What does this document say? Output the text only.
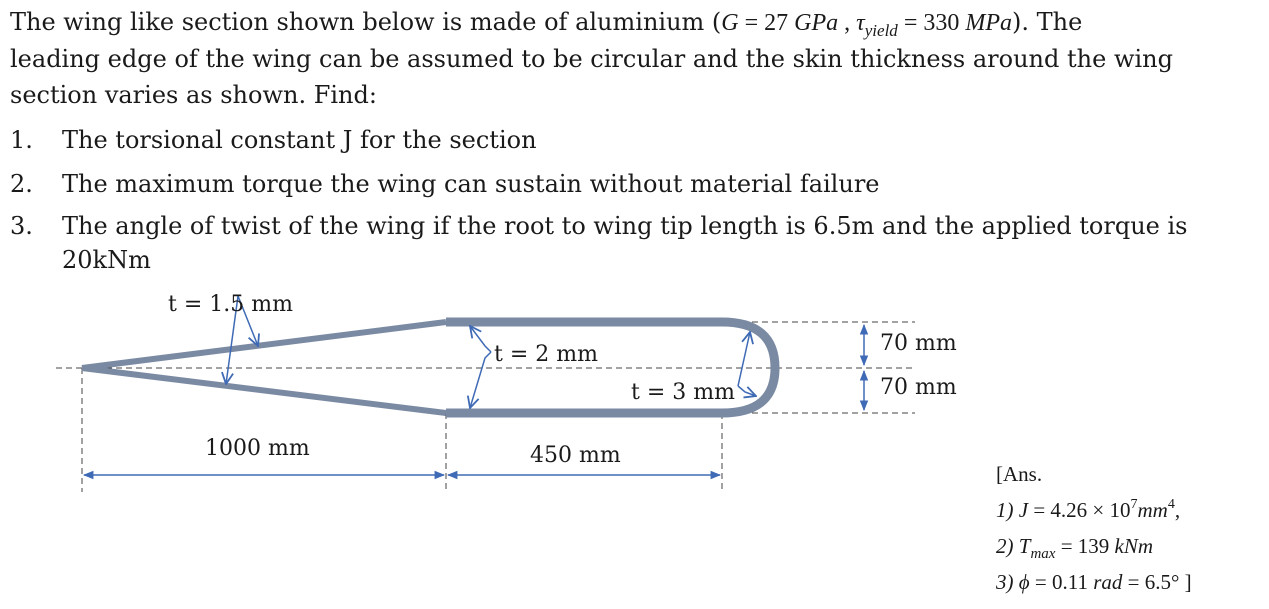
The wing like section shown below is made of aluminium (G = 27 GPa , $\tau_{yield} = 330$ MPa). The
leading edge of the wing can be assumed to be circular and the skin thickness around the wing
section varies as shown. Find:
1.	The torsional constant J for the section
2.	The maximum torque the wing can sustain without material failure
3.	The angle of twist of the wing if the root to wing tip length is 6.5m and the applied torque is
20kNm
t = 1.5 mm
t = 2 mm
t = 3 mm
70 mm
70 mm
1000 mm	450 mm
[Ans.
1) $J = 4.26 \times 10^7mm^4$,
2) $T_{max} = 139$ kNm
3) ϕ = 0.11 rad = 6.5° ]
